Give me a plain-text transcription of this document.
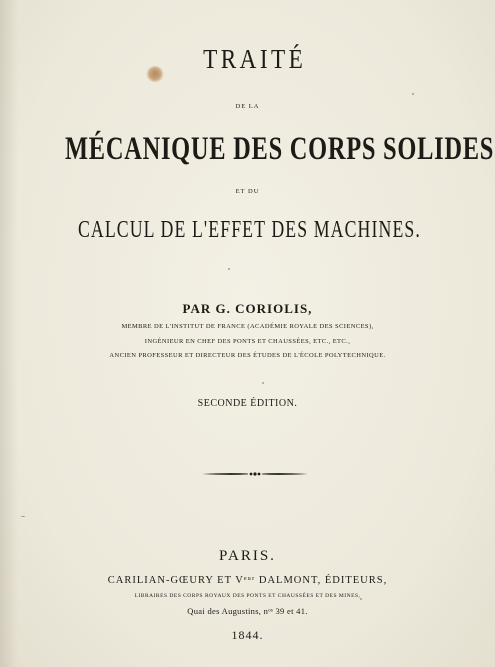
TRAITÉ
DE LA
MÉCANIQUE DES CORPS SOLIDES
ET DU
CALCUL DE L'EFFET DES MACHINES.
PAR G. CORIOLIS,
MEMBRE DE L'INSTITUT DE FRANCE (ACADÉMIE ROYALE DES SCIENCES),
INGÉNIEUR EN CHEF DES PONTS ET CHAUSSÉES, ETC., ETC.,
ANCIEN PROFESSEUR ET DIRECTEUR DES ÉTUDES DE L'ÉCOLE POLYTECHNIQUE.
SECONDE ÉDITION.
PARIS.
CARILIAN-GŒURY ET Vᵉᵘʳ DALMONT, ÉDITEURS,
LIBRAIRES DES CORPS ROYAUX DES PONTS ET CHAUSSÉES ET DES MINES,
Quai des Augustins, nᵒˢ 39 et 41.
1844.
